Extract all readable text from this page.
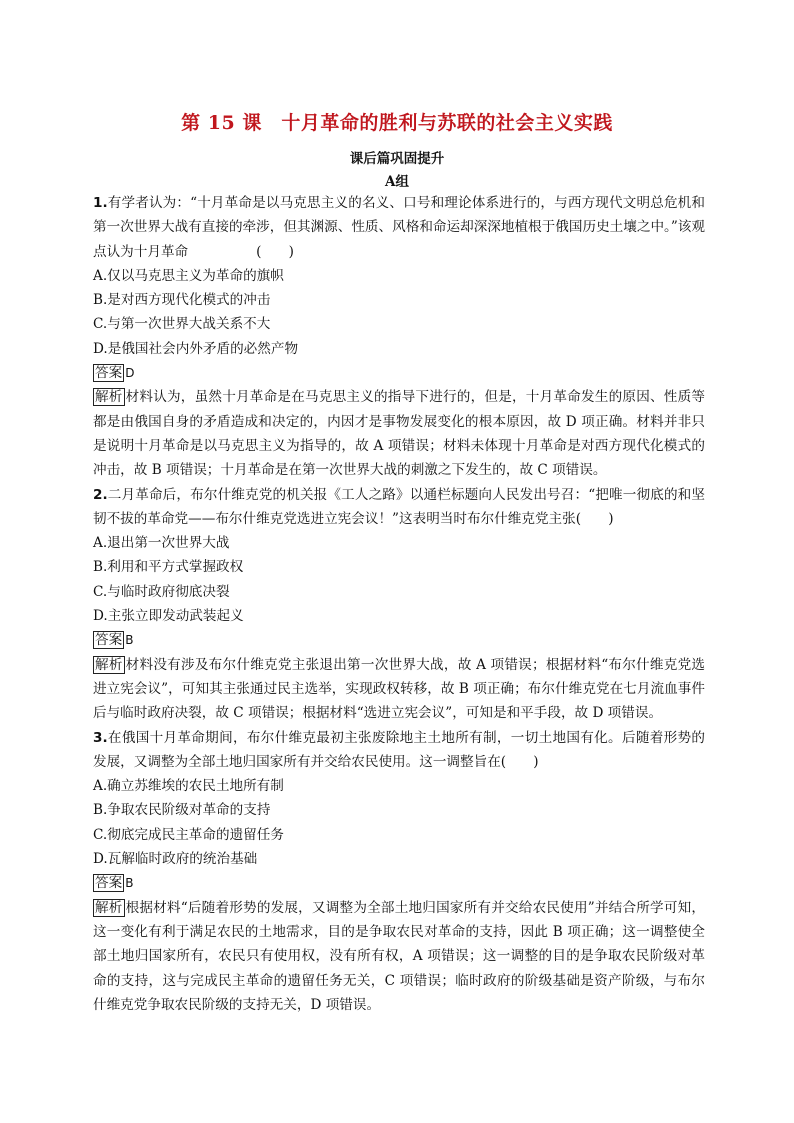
第 15 课　十月革命的胜利与苏联的社会主义实践
课后篇巩固提升
A组

1.有学者认为：“十月革命是以马克思主义的名义、口号和理论体系进行的，与西方现代文明总危机和第一次世界大战有直接的牵涉，但其渊源、性质、风格和命运却深深地植根于俄国历史土壤之中。”该观点认为十月革命　　　　　(　　)

A.仅以马克思主义为革命的旗帜

B.是对西方现代化模式的冲击

C.与第一次世界大战关系不大

D.是俄国社会内外矛盾的必然产物

答案 D

解析 材料认为，虽然十月革命是在马克思主义的指导下进行的，但是，十月革命发生的原因、性质等都是由俄国自身的矛盾造成和决定的，内因才是事物发展变化的根本原因，故 D 项正确。材料并非只是说明十月革命是以马克思主义为指导的，故 A 项错误；材料未体现十月革命是对西方现代化模式的冲击，故 B 项错误；十月革命是在第一次世界大战的刺激之下发生的，故 C 项错误。

2.二月革命后，布尔什维克党的机关报《工人之路》以通栏标题向人民发出号召：“把唯一彻底的和坚韧不拔的革命党——布尔什维克党选进立宪会议！”这表明当时布尔什维克党主张(　　)

A.退出第一次世界大战

B.利用和平方式掌握政权

C.与临时政府彻底决裂

D.主张立即发动武装起义

答案 B

解析 材料没有涉及布尔什维克党主张退出第一次世界大战，故 A 项错误；根据材料“布尔什维克党选进立宪会议”，可知其主张通过民主选举，实现政权转移，故 B 项正确；布尔什维克党在七月流血事件后与临时政府决裂，故 C 项错误；根据材料“选进立宪会议”，可知是和平手段，故 D 项错误。

3.在俄国十月革命期间，布尔什维克最初主张废除地主土地所有制，一切土地国有化。后随着形势的发展，又调整为全部土地归国家所有并交给农民使用。这一调整旨在(　　)

A.确立苏维埃的农民土地所有制

B.争取农民阶级对革命的支持

C.彻底完成民主革命的遗留任务

D.瓦解临时政府的统治基础

答案 B

解析 根据材料“后随着形势的发展，又调整为全部土地归国家所有并交给农民使用”并结合所学可知，这一变化有利于满足农民的土地需求，目的是争取农民对革命的支持，因此 B 项正确；这一调整使全部土地归国家所有，农民只有使用权，没有所有权，A 项错误；这一调整的目的是争取农民阶级对革命的支持，这与完成民主革命的遗留任务无关，C 项错误；临时政府的阶级基础是资产阶级，与布尔什维克党争取农民阶级的支持无关，D 项错误。
